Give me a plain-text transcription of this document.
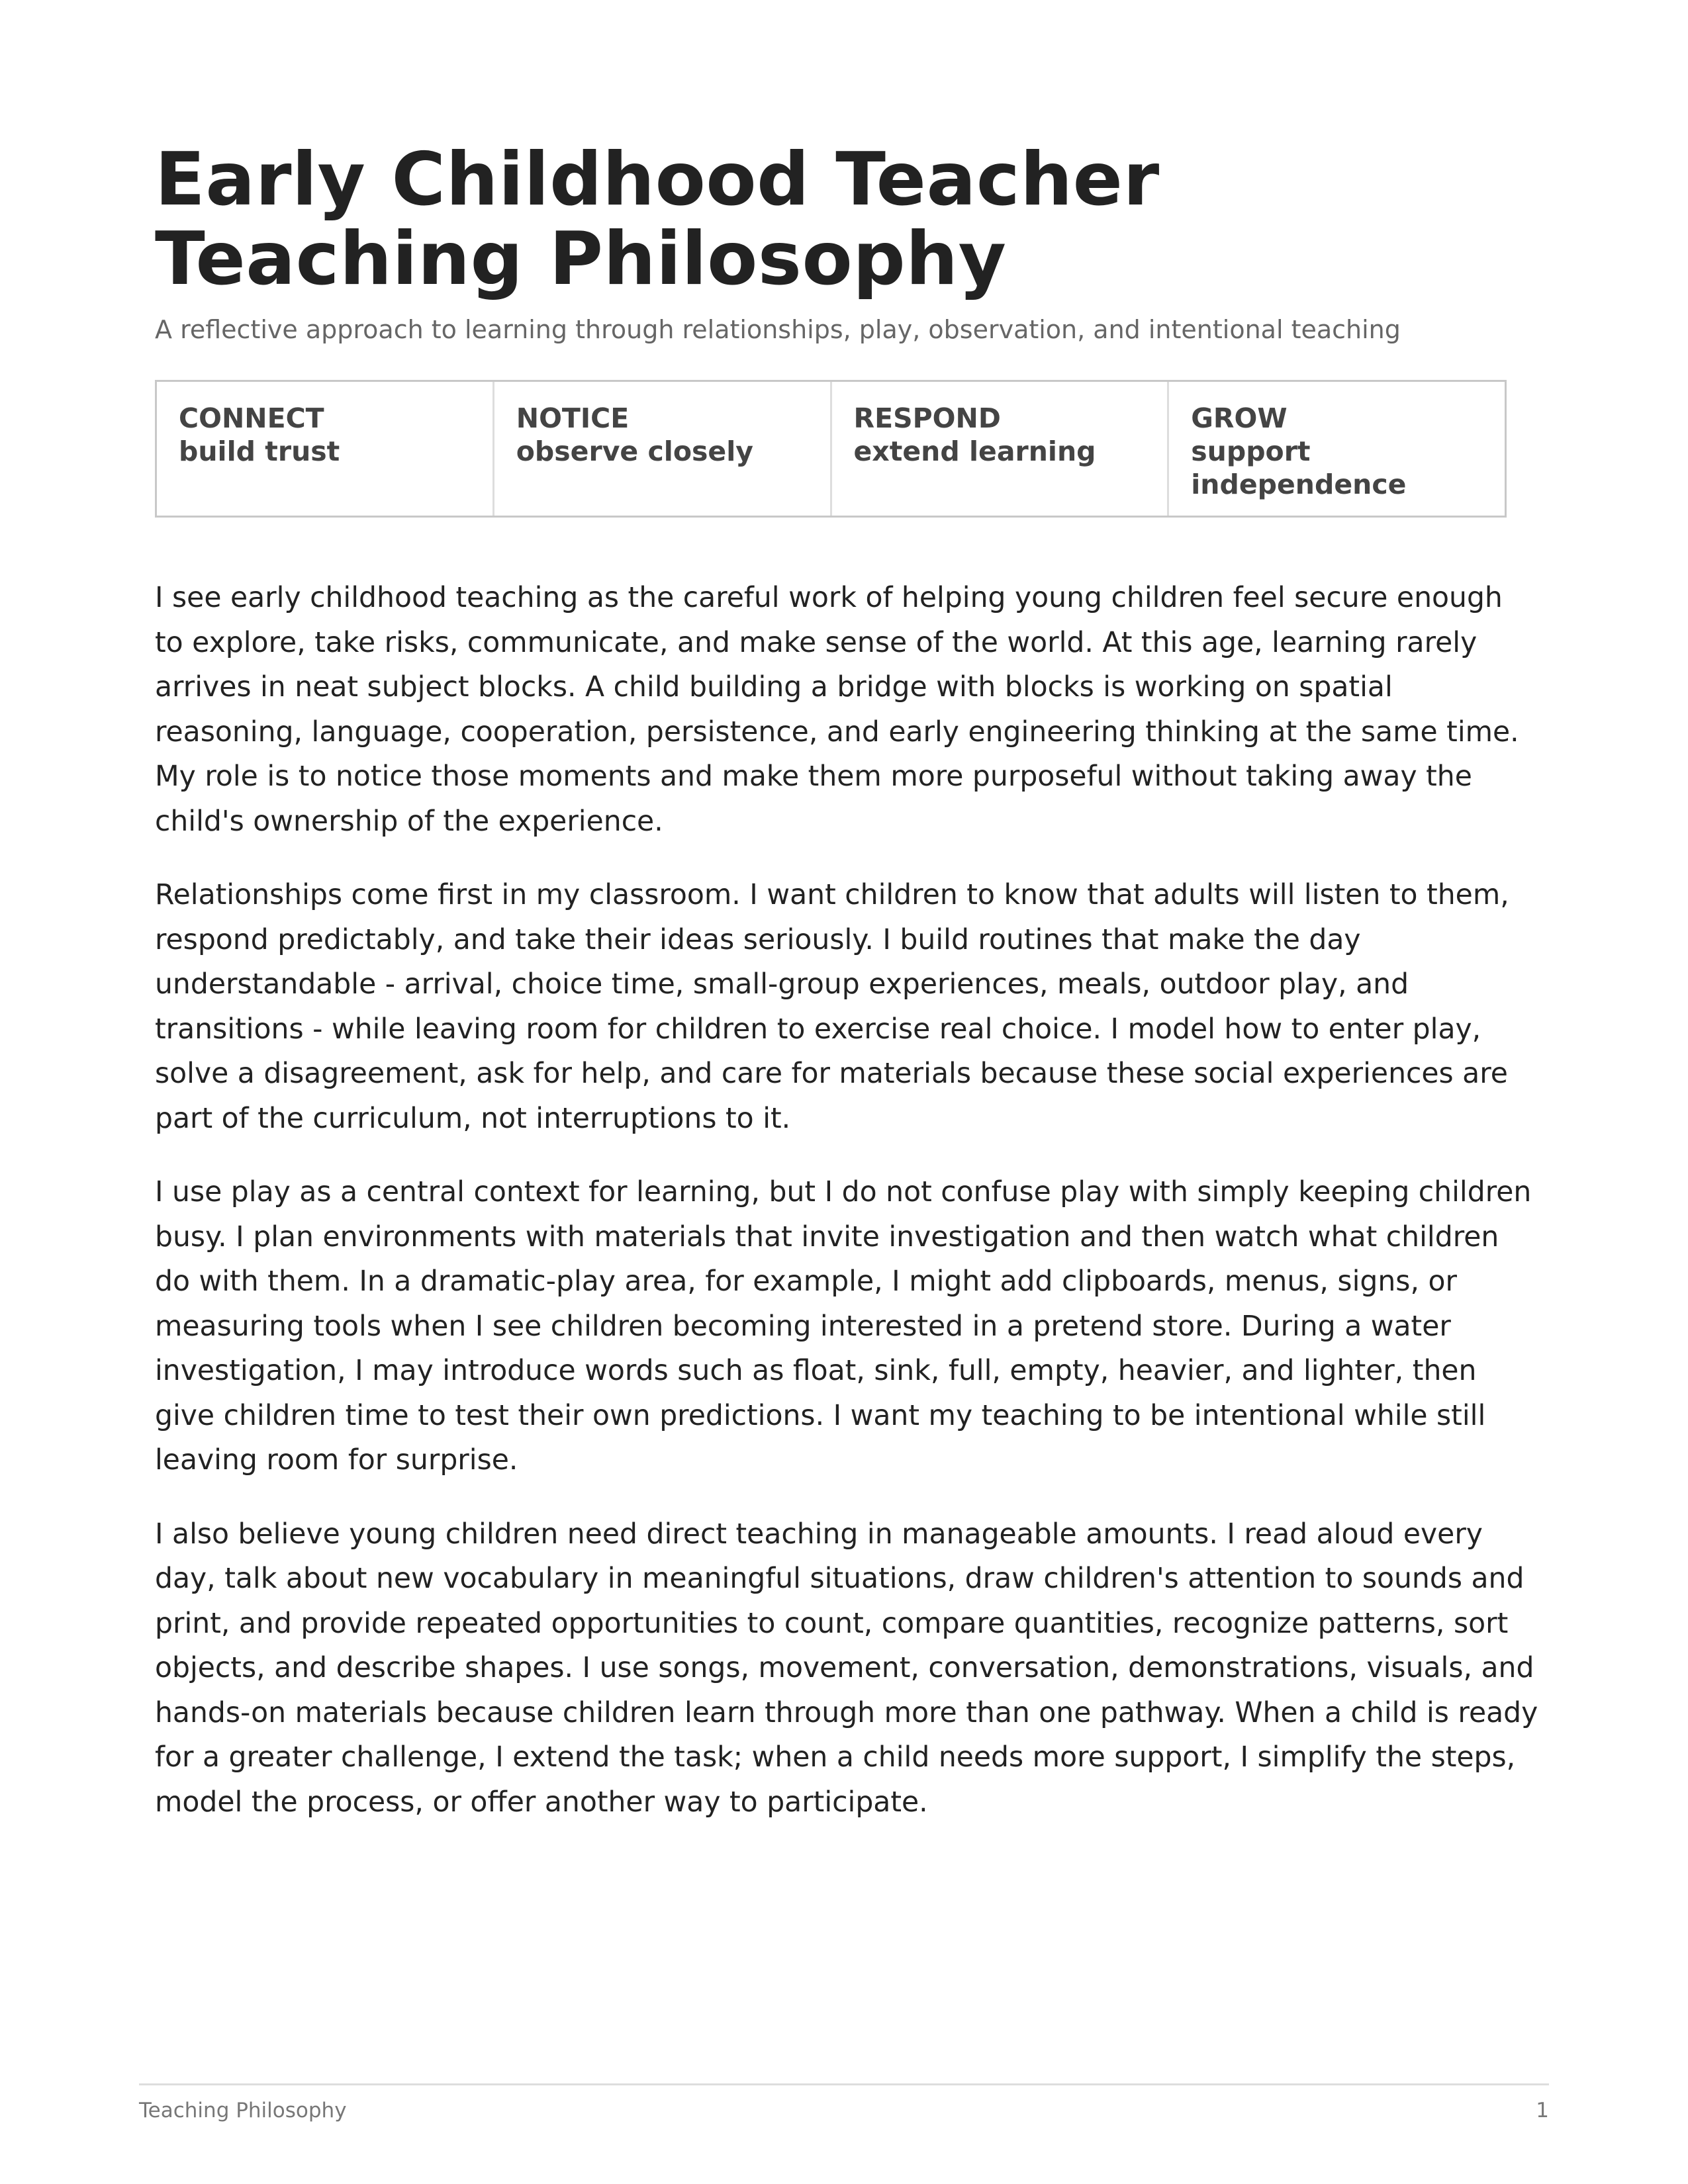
Early Childhood Teacher Teaching Philosophy
A reflective approach to learning through relationships, play, observation, and intentional teaching
CONNECT
build trust
NOTICE
observe closely
RESPOND
extend learning
GROW
support independence

I see early childhood teaching as the careful work of helping young children feel secure enough to explore, take risks, communicate, and make sense of the world. At this age, learning rarely arrives in neat subject blocks. A child building a bridge with blocks is working on spatial reasoning, language, cooperation, persistence, and early engineering thinking at the same time. My role is to notice those moments and make them more purposeful without taking away the child's ownership of the experience.

Relationships come first in my classroom. I want children to know that adults will listen to them, respond predictably, and take their ideas seriously. I build routines that make the day understandable - arrival, choice time, small-group experiences, meals, outdoor play, and transitions - while leaving room for children to exercise real choice. I model how to enter play, solve a disagreement, ask for help, and care for materials because these social experiences are part of the curriculum, not interruptions to it.

I use play as a central context for learning, but I do not confuse play with simply keeping children busy. I plan environments with materials that invite investigation and then watch what children do with them. In a dramatic-play area, for example, I might add clipboards, menus, signs, or measuring tools when I see children becoming interested in a pretend store. During a water investigation, I may introduce words such as float, sink, full, empty, heavier, and lighter, then give children time to test their own predictions. I want my teaching to be intentional while still leaving room for surprise.

I also believe young children need direct teaching in manageable amounts. I read aloud every day, talk about new vocabulary in meaningful situations, draw children's attention to sounds and print, and provide repeated opportunities to count, compare quantities, recognize patterns, sort objects, and describe shapes. I use songs, movement, conversation, demonstrations, visuals, and hands-on materials because children learn through more than one pathway. When a child is ready for a greater challenge, I extend the task; when a child needs more support, I simplify the steps, model the process, or offer another way to participate.

Teaching Philosophy	1
